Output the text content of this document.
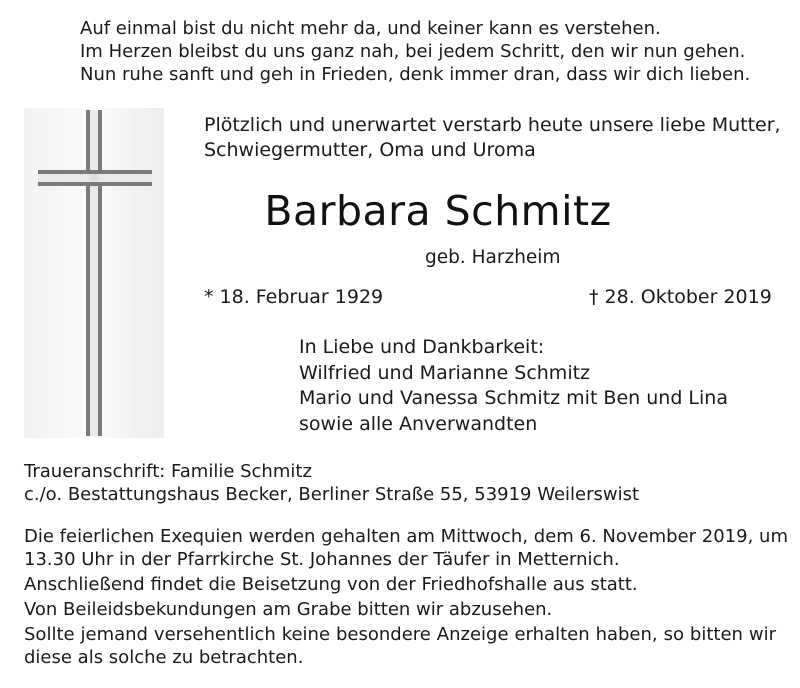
Auf einmal bist du nicht mehr da, und keiner kann es verstehen.
Im Herzen bleibst du uns ganz nah, bei jedem Schritt, den wir nun gehen.
Nun ruhe sanft und geh in Frieden, denk immer dran, dass wir dich lieben.
Plötzlich und unerwartet verstarb heute unsere liebe Mutter,
Schwiegermutter, Oma und Uroma
Barbara Schmitz
geb. Harzheim
* 18. Februar 1929	† 28. Oktober 2019
In Liebe und Dankbarkeit:
Wilfried und Marianne Schmitz
Mario und Vanessa Schmitz mit Ben und Lina
sowie alle Anverwandten
Traueranschrift: Familie Schmitz
c./o. Bestattungshaus Becker, Berliner Straße 55, 53919 Weilerswist

Die feierlichen Exequien werden gehalten am Mittwoch, dem 6. November 2019, um
13.30 Uhr in der Pfarrkirche St. Johannes der Täufer in Metternich.

Anschließend findet die Beisetzung von der Friedhofshalle aus statt.

Von Beileidsbekundungen am Grabe bitten wir abzusehen.

Sollte jemand versehentlich keine besondere Anzeige erhalten haben, so bitten wir
diese als solche zu betrachten.
